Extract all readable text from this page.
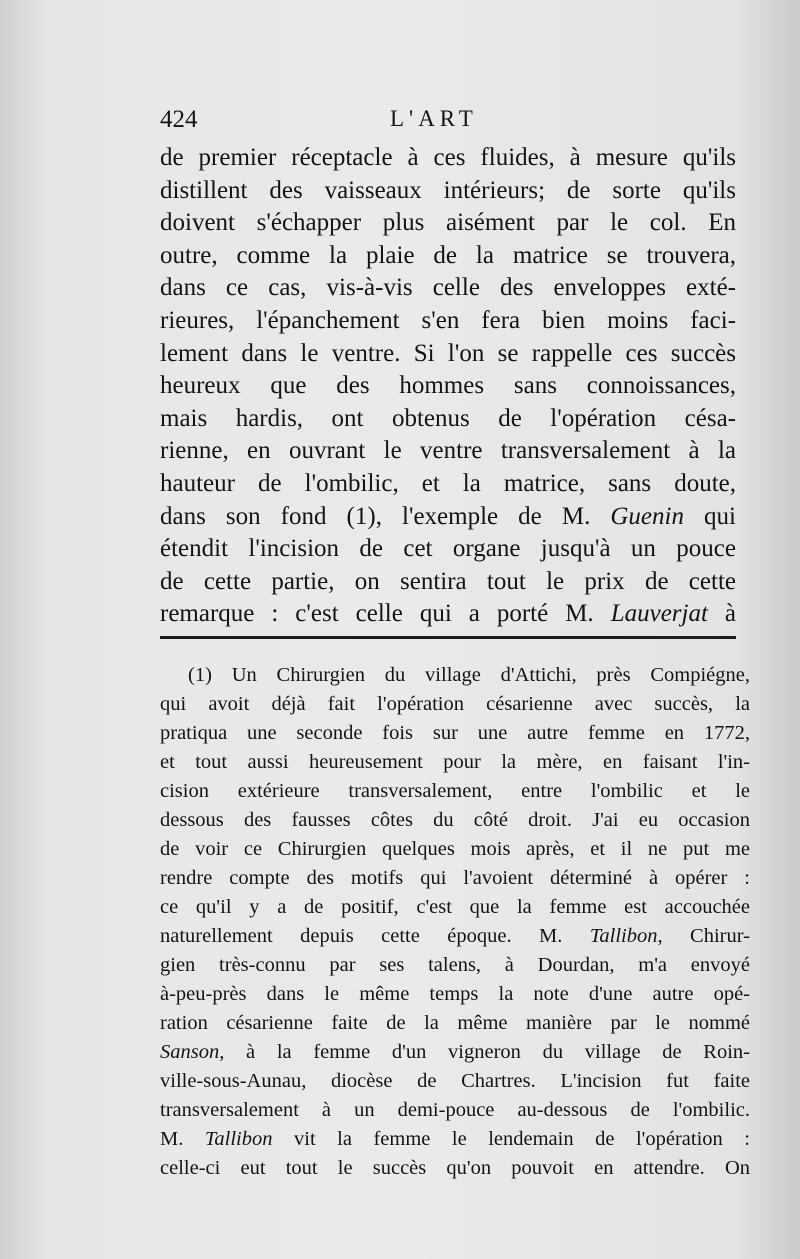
424	L'ART
de premier réceptacle à ces fluides, à mesure qu'ils
distillent des vaisseaux intérieurs; de sorte qu'ils
doivent s'échapper plus aisément par le col. En
outre, comme la plaie de la matrice se trouvera,
dans ce cas, vis-à-vis celle des enveloppes exté-
rieures, l'épanchement s'en fera bien moins faci-
lement dans le ventre. Si l'on se rappelle ces succès
heureux que des hommes sans connoissances,
mais hardis, ont obtenus de l'opération césa-
rienne, en ouvrant le ventre transversalement à la
hauteur de l'ombilic, et la matrice, sans doute,
dans son fond (1), l'exemple de M. Guenin qui
étendit l'incision de cet organe jusqu'à un pouce
de cette partie, on sentira tout le prix de cette
remarque : c'est celle qui a porté M. Lauverjat à
(1) Un Chirurgien du village d'Attichi, près Compiégne,
qui avoit déjà fait l'opération césarienne avec succès, la
pratiqua une seconde fois sur une autre femme en 1772,
et tout aussi heureusement pour la mère, en faisant l'in-
cision extérieure transversalement, entre l'ombilic et le
dessous des fausses côtes du côté droit. J'ai eu occasion
de voir ce Chirurgien quelques mois après, et il ne put me
rendre compte des motifs qui l'avoient déterminé à opérer :
ce qu'il y a de positif, c'est que la femme est accouchée
naturellement depuis cette époque. M. Tallibon, Chirur-
gien très-connu par ses talens, à Dourdan, m'a envoyé
à-peu-près dans le même temps la note d'une autre opé-
ration césarienne faite de la même manière par le nommé
Sanson, à la femme d'un vigneron du village de Roin-
ville-sous-Aunau, diocèse de Chartres. L'incision fut faite
transversalement à un demi-pouce au-dessous de l'ombilic.
M. Tallibon vit la femme le lendemain de l'opération :
celle-ci eut tout le succès qu'on pouvoit en attendre. On
